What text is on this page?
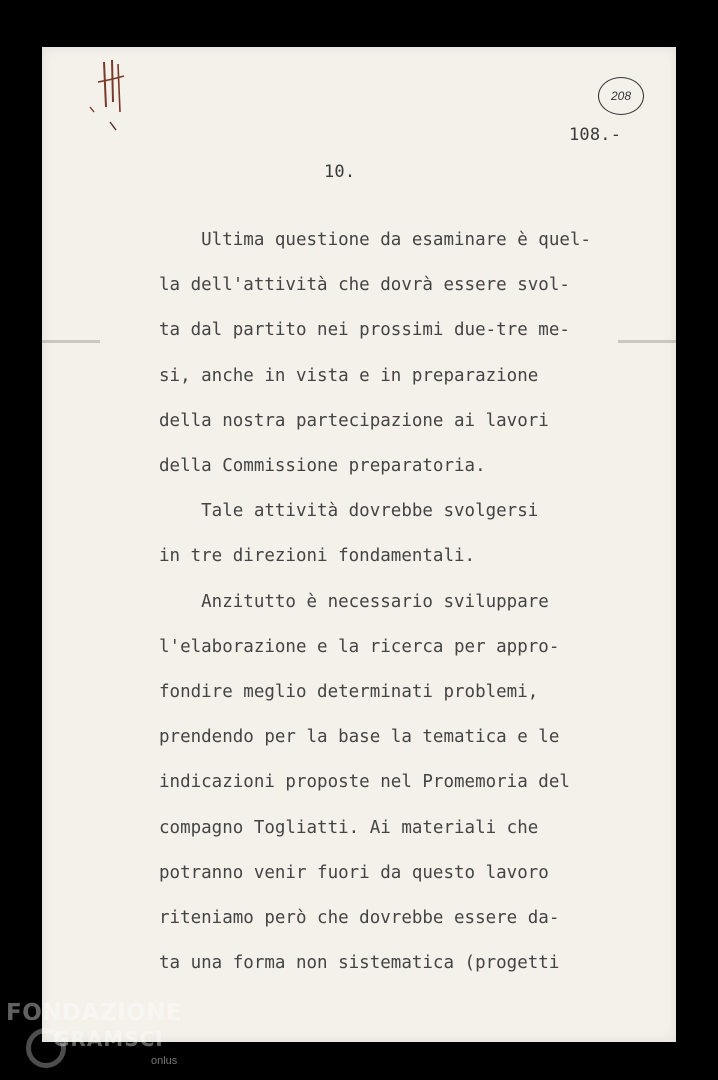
208
108.-
10.
Ultima questione da esaminare è quel-
la dell'attività che dovrà essere svol-
ta dal partito nei prossimi due-tre me-
si, anche in vista e in preparazione
della nostra partecipazione ai lavori
della Commissione preparatoria.
Tale attività dovrebbe svolgersi
in tre direzioni fondamentali.
Anzitutto è necessario sviluppare
l'elaborazione e la ricerca per appro-
fondire meglio determinati problemi,
prendendo per la base la tematica e le
indicazioni proposte nel Promemoria del
compagno Togliatti. Ai materiali che
potranno venir fuori da questo lavoro
riteniamo però che dovrebbe essere da-
ta una forma non sistematica (progetti
FONDAZIONE
GRAMSCI
onlus
